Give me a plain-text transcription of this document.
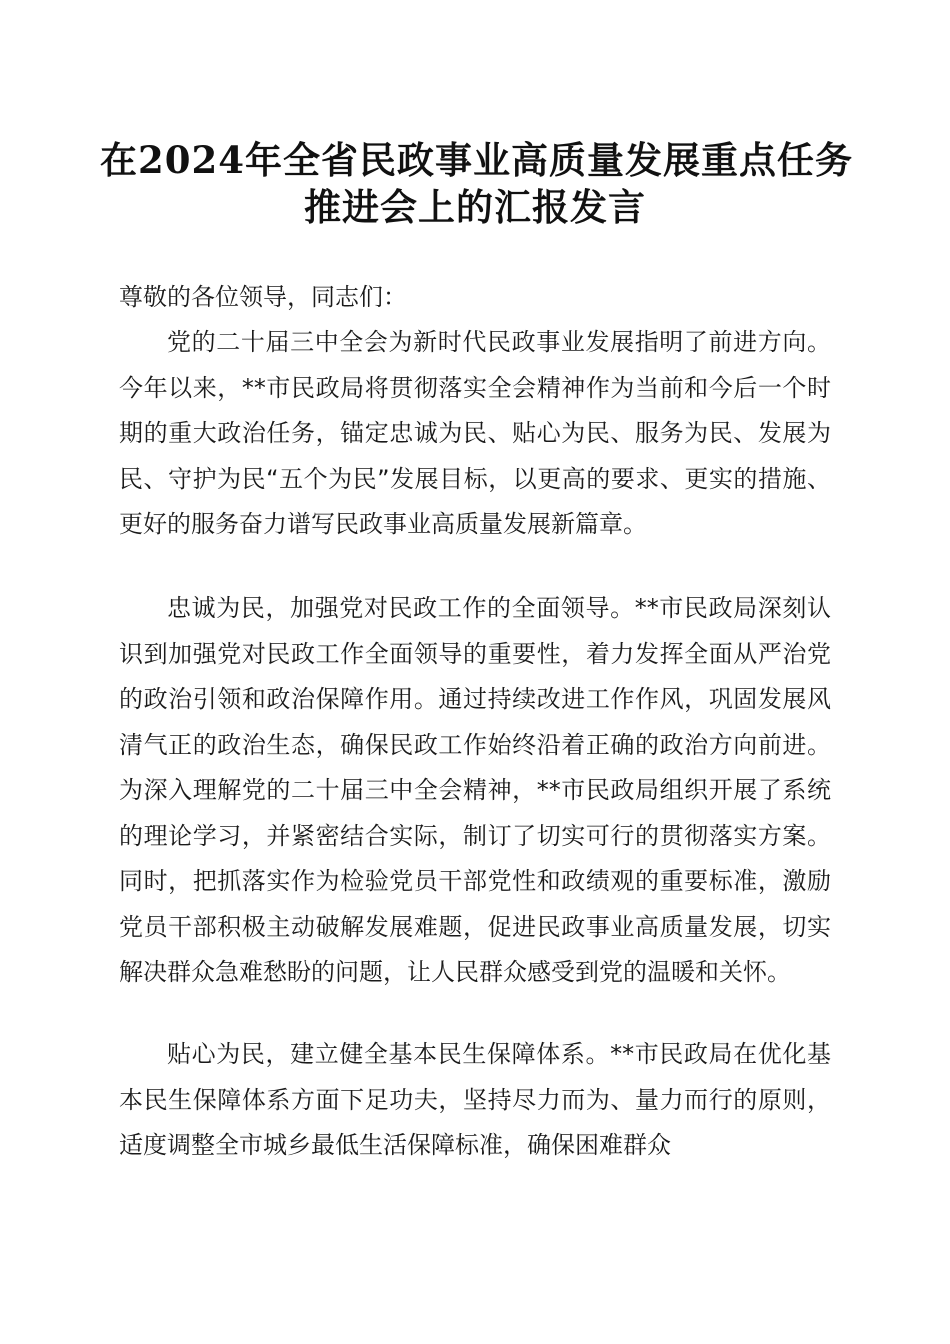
在2024年全省民政事业高质量发展重点任务
推进会上的汇报发言
尊敬的各位领导，同志们：

党的二十届三中全会为新时代民政事业发展指明了前进方向。今年以来，**市民政局将贯彻落实全会精神作为当前和今后一个时期的重大政治任务，锚定忠诚为民、贴心为民、服务为民、发展为民、守护为民“五个为民”发展目标，以更高的要求、更实的措施、更好的服务奋力谱写民政事业高质量发展新篇章。

忠诚为民，加强党对民政工作的全面领导。**市民政局深刻认识到加强党对民政工作全面领导的重要性，着力发挥全面从严治党的政治引领和政治保障作用。通过持续改进工作作风，巩固发展风清气正的政治生态，确保民政工作始终沿着正确的政治方向前进。为深入理解党的二十届三中全会精神，**市民政局组织开展了系统的理论学习，并紧密结合实际，制订了切实可行的贯彻落实方案。同时，把抓落实作为检验党员干部党性和政绩观的重要标准，激励党员干部积极主动破解发展难题，促进民政事业高质量发展，切实解决群众急难愁盼的问题，让人民群众感受到党的温暖和关怀。

贴心为民，建立健全基本民生保障体系。**市民政局在优化基本民生保障体系方面下足功夫，坚持尽力而为、量力而行的原则，适度调整全市城乡最低生活保障标准，确保困难群众
